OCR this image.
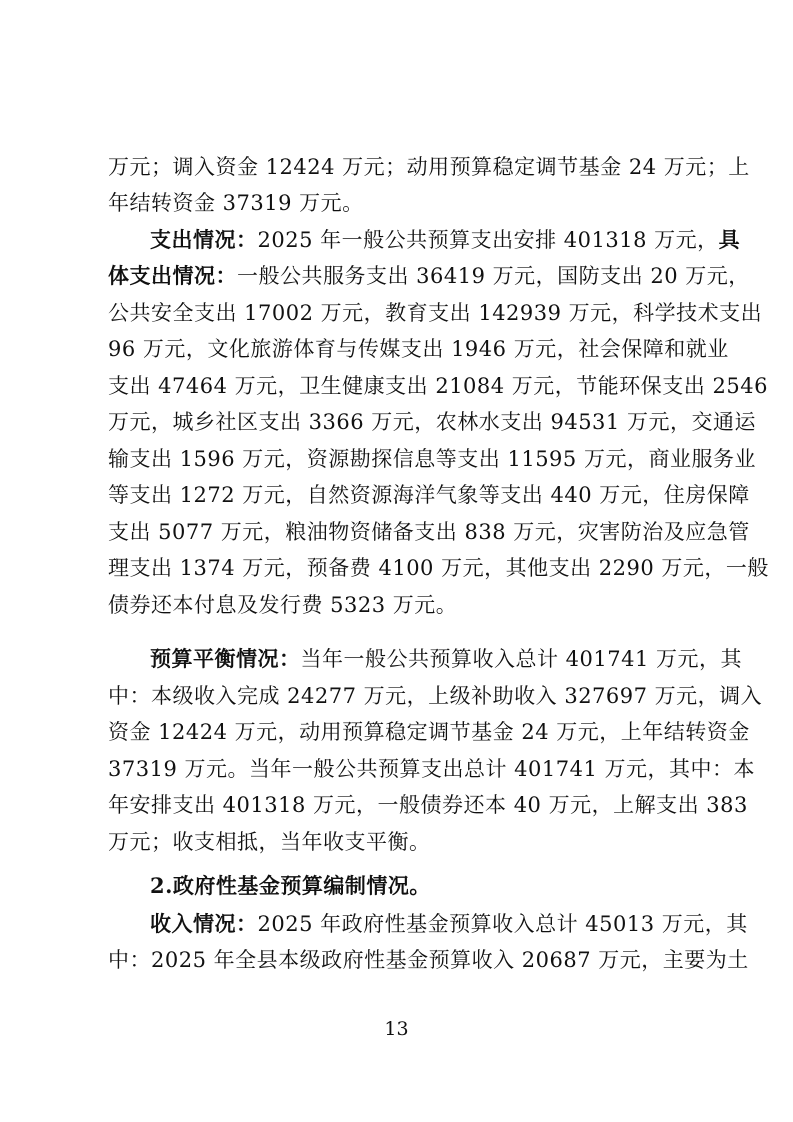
万元；调入资金 12424 万元；动用预算稳定调节基金 24 万元；上
年结转资金 37319 万元。
支出情况：2025 年一般公共预算支出安排 401318 万元，具
体支出情况：一般公共服务支出 36419 万元，国防支出 20 万元，
公共安全支出 17002 万元，教育支出 142939 万元，科学技术支出
96 万元，文化旅游体育与传媒支出 1946 万元，社会保障和就业
支出 47464 万元，卫生健康支出 21084 万元，节能环保支出 2546
万元，城乡社区支出 3366 万元，农林水支出 94531 万元，交通运
输支出 1596 万元，资源勘探信息等支出 11595 万元，商业服务业
等支出 1272 万元，自然资源海洋气象等支出 440 万元，住房保障
支出 5077 万元，粮油物资储备支出 838 万元，灾害防治及应急管
理支出 1374 万元，预备费 4100 万元，其他支出 2290 万元，一般
债券还本付息及发行费 5323 万元。
预算平衡情况：当年一般公共预算收入总计 401741 万元，其
中：本级收入完成 24277 万元，上级补助收入 327697 万元，调入
资金 12424 万元，动用预算稳定调节基金 24 万元，上年结转资金
37319 万元。当年一般公共预算支出总计 401741 万元，其中：本
年安排支出 401318 万元，一般债券还本 40 万元，上解支出 383
万元；收支相抵，当年收支平衡。
2.政府性基金预算编制情况。
收入情况：2025 年政府性基金预算收入总计 45013 万元，其
中：2025 年全县本级政府性基金预算收入 20687 万元，主要为土
13
